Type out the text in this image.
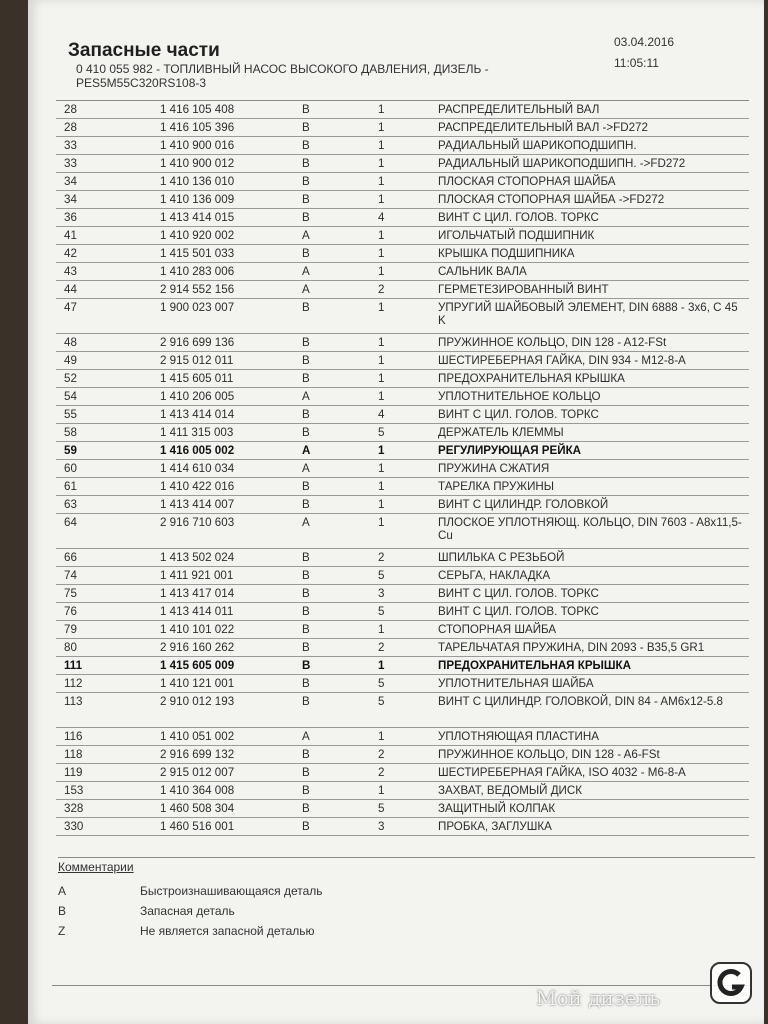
Запасные части
0 410 055 982 - ТОПЛИВНЫЙ НАСОС ВЫСОКОГО ДАВЛЕНИЯ, ДИЗЕЛЬ - PES5M55C320RS108-3
03.04.2016
11:05:11
28	1 416 105 408	B	1	РАСПРЕДЕЛИТЕЛЬНЫЙ ВАЛ
28	1 416 105 396	B	1	РАСПРЕДЕЛИТЕЛЬНЫЙ ВАЛ ->FD272
33	1 410 900 016	B	1	РАДИАЛЬНЫЙ ШАРИКОПОДШИПН.
33	1 410 900 012	B	1	РАДИАЛЬНЫЙ ШАРИКОПОДШИПН. ->FD272
34	1 410 136 010	B	1	ПЛОСКАЯ СТОПОРНАЯ ШАЙБА
34	1 410 136 009	B	1	ПЛОСКАЯ СТОПОРНАЯ ШАЙБА ->FD272
36	1 413 414 015	B	4	ВИНТ С ЦИЛ. ГОЛОВ. ТОРКС
41	1 410 920 002	A	1	ИГОЛЬЧАТЫЙ ПОДШИПНИК
42	1 415 501 033	B	1	КРЫШКА ПОДШИПНИКА
43	1 410 283 006	A	1	САЛЬНИК ВАЛА
44	2 914 552 156	A	2	ГЕРМЕТЕЗИРОВАННЫЙ ВИНТ
47	1 900 023 007	B	1	УПРУГИЙ ШАЙБОВЫЙ ЭЛЕМЕНТ, DIN 6888 - 3x6, C 45 K
48	2 916 699 136	B	1	ПРУЖИННОЕ КОЛЬЦО, DIN 128 - A12-FSt
49	2 915 012 011	B	1	ШЕСТИРЕБЕРНАЯ ГАЙКА, DIN 934 - M12-8-A
52	1 415 605 011	B	1	ПРЕДОХРАНИТЕЛЬНАЯ КРЫШКА
54	1 410 206 005	A	1	УПЛОТНИТЕЛЬНОЕ КОЛЬЦО
55	1 413 414 014	B	4	ВИНТ С ЦИЛ. ГОЛОВ. ТОРКС
58	1 411 315 003	B	5	ДЕРЖАТЕЛЬ КЛЕММЫ
59	1 416 005 002	A	1	РЕГУЛИРУЮЩАЯ РЕЙКА
60	1 414 610 034	A	1	ПРУЖИНА СЖАТИЯ
61	1 410 422 016	B	1	ТАРЕЛКА ПРУЖИНЫ
63	1 413 414 007	B	1	ВИНТ С ЦИЛИНДР. ГОЛОВКОЙ
64	2 916 710 603	A	1	ПЛОСКОЕ УПЛОТНЯЮЩ. КОЛЬЦО, DIN 7603 - A8x11,5-Cu
66	1 413 502 024	B	2	ШПИЛЬКА С РЕЗЬБОЙ
74	1 411 921 001	B	5	СЕРЬГА, НАКЛАДКА
75	1 413 417 014	B	3	ВИНТ С ЦИЛ. ГОЛОВ. ТОРКС
76	1 413 414 011	B	5	ВИНТ С ЦИЛ. ГОЛОВ. ТОРКС
79	1 410 101 022	B	1	СТОПОРНАЯ ШАЙБА
80	2 916 160 262	B	2	ТАРЕЛЬЧАТАЯ ПРУЖИНА, DIN 2093 - B35,5 GR1
111	1 415 605 009	B	1	ПРЕДОХРАНИТЕЛЬНАЯ КРЫШКА
112	1 410 121 001	B	5	УПЛОТНИТЕЛЬНАЯ ШАЙБА
113	2 910 012 193	B	5	ВИНТ С ЦИЛИНДР. ГОЛОВКОЙ, DIN 84 - AM6x12-5.8
116	1 410 051 002	A	1	УПЛОТНЯЮЩАЯ ПЛАСТИНА
118	2 916 699 132	B	2	ПРУЖИННОЕ КОЛЬЦО, DIN 128 - A6-FSt
119	2 915 012 007	B	2	ШЕСТИРЕБЕРНАЯ ГАЙКА, ISO 4032 - M6-8-A
153	1 410 364 008	B	1	ЗАХВАТ, ВЕДОМЫЙ ДИСК
328	1 460 508 304	B	5	ЗАЩИТНЫЙ КОЛПАК
330	1 460 516 001	B	3	ПРОБКА, ЗАГЛУШКА
Комментарии
A	Быстроизнашивающаяся деталь
B	Запасная деталь
Z	Не является запасной деталью
Мой дизель
